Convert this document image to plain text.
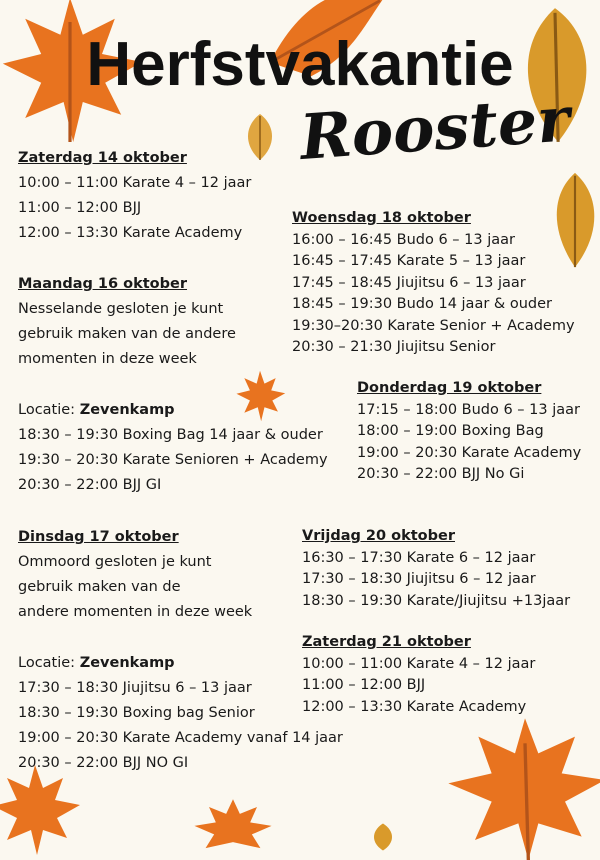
Herfstvakantie
Rooster
Zaterdag 14 oktober
10:00 – 11:00 Karate 4 – 12 jaar
11:00 – 12:00 BJJ
12:00 – 13:30 Karate Academy
Maandag 16 oktober
Nesselande gesloten je kunt
gebruik maken van de andere
momenten in deze week
Locatie: Zevenkamp
18:30 – 19:30 Boxing Bag 14 jaar & ouder
19:30 – 20:30 Karate Senioren + Academy
20:30 – 22:00 BJJ GI
Dinsdag 17 oktober
Ommoord gesloten je kunt
gebruik maken van de
andere momenten in deze week
Locatie: Zevenkamp
17:30 – 18:30 Jiujitsu 6 – 13 jaar
18:30 – 19:30 Boxing bag Senior
19:00 – 20:30 Karate Academy vanaf 14 jaar
20:30 – 22:00 BJJ NO GI
Woensdag 18 oktober
16:00 – 16:45 Budo 6 – 13 jaar
16:45 – 17:45 Karate 5 – 13 jaar
17:45 – 18:45 Jiujitsu 6 – 13 jaar
18:45 – 19:30 Budo 14 jaar & ouder
19:30–20:30 Karate Senior + Academy
20:30 – 21:30 Jiujitsu Senior
Donderdag 19 oktober
17:15 – 18:00 Budo 6 – 13 jaar
18:00 – 19:00 Boxing Bag
19:00 – 20:30 Karate Academy
20:30 – 22:00 BJJ No Gi
Vrijdag 20 oktober
16:30 – 17:30 Karate 6 – 12 jaar
17:30 – 18:30 Jiujitsu 6 – 12 jaar
18:30 – 19:30 Karate/Jiujitsu +13jaar
Zaterdag 21 oktober
10:00 – 11:00 Karate 4 – 12 jaar
11:00 – 12:00 BJJ
12:00 – 13:30 Karate Academy
